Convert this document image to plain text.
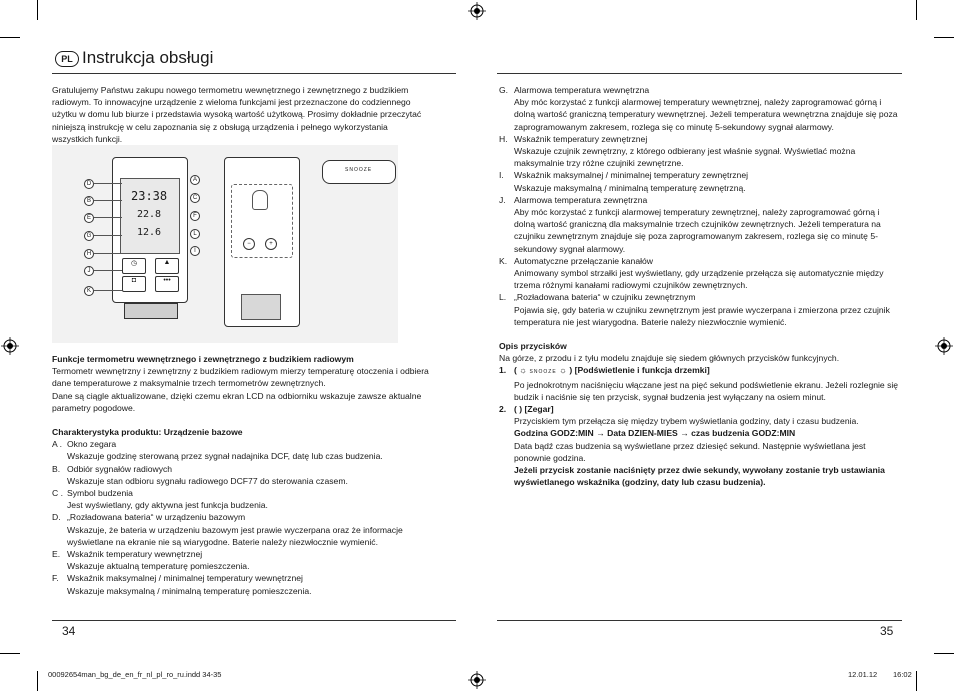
PL Instrukcja obsługi

Gratulujemy Państwu zakupu nowego termometru wewnętrznego i zewnętrznego z budzikiem radiowym. To innowacyjne urządzenie z wieloma funkcjami jest przeznaczone do codziennego użytku w domu lub biurze i przedstawia wysoką wartość użytkową. Prosimy dokładnie przeczytać niniejszą instrukcję w celu zapoznania się z obsługą urządzenia i pełnego wykorzystania wszystkich funkcji.

23:38
22.8
12.6
◷	▲
◘	•••
D
B
E
G
H
J
K
A
C
F
L
I
−	+
SNOOZE

Funkcje termometru wewnętrznego i zewnętrznego z budzikiem radiowym

Termometr wewnętrzny i zewnętrzny z budzikiem radiowym mierzy temperaturę otoczenia i odbiera dane temperaturowe z maksymalnie trzech termometrów zewnętrznych.

Dane są ciągle aktualizowane, dzięki czemu ekran LCD na odbiorniku wskazuje zawsze aktualne parametry pogodowe.

Charakterystyka produktu: Urządzenie bazowe

A . Okno zegara

Wskazuje godzinę sterowaną przez sygnał nadajnika DCF, datę lub czas budzenia.

B. Odbiór sygnałów radiowych

Wskazuje stan odbioru sygnału radiowego DCF77 do sterowania czasem.

C . Symbol budzenia

Jest wyświetlany, gdy aktywna jest funkcja budzenia.

D. „Rozładowana bateria“ w urządzeniu bazowym

Wskazuje, że bateria w urządzeniu bazowym jest prawie wyczerpana oraz że informacje wyświetlane na ekranie nie są wiarygodne. Baterie należy niezwłocznie wymienić.

E. Wskaźnik temperatury wewnętrznej

Wskazuje aktualną temperaturę pomieszczenia.

F. Wskaźnik maksymalnej / minimalnej temperatury wewnętrznej

Wskazuje maksymalną / minimalną temperaturę pomieszczenia.

G. Alarmowa temperatura wewnętrzna

Aby móc korzystać z funkcji alarmowej temperatury wewnętrznej, należy zaprogramować górną i dolną wartość graniczną temperatury wewnętrznej. Jeżeli temperatura wewnętrzna znajduje się poza zaprogramowanym zakresem, rozlega się co minutę 5-sekundowy sygnał alarmowy.

H. Wskaźnik temperatury zewnętrznej

Wskazuje czujnik zewnętrzny, z którego odbierany jest właśnie sygnał. Wyświetlać można maksymalnie trzy różne czujniki zewnętrzne.

I. Wskaźnik maksymalnej / minimalnej temperatury zewnętrznej

Wskazuje maksymalną / minimalną temperaturę zewnętrzną.

J. Alarmowa temperatura zewnętrzna

Aby móc korzystać z funkcji alarmowej temperatury zewnętrznej, należy zaprogramować górną i dolną wartość graniczną dla maksymalnie trzech czujników zewnętrznych. Jeżeli temperatura na czujniku zewnętrznym znajduje się poza zaprogramowanym zakresem, rozlega się co minutę 5-sekundowy sygnał alarmowy.

K. Automatyczne przełączanie kanałów

Animowany symbol strzałki jest wyświetlany, gdy urządzenie przełącza się automatycznie między trzema różnymi kanałami radiowymi czujników zewnętrznych.

L. „Rozładowana bateria“ w czujniku zewnętrznym

Pojawia się, gdy bateria w czujniku zewnętrznym jest prawie wyczerpana i zmierzona przez czujnik temperatura nie jest wiarygodna. Baterie należy niezwłocznie wymienić.

Opis przycisków

Na górze, z przodu i z tyłu modelu znajduje się siedem głównych przycisków funkcyjnych.

1. ( ☼ SNOOZE ☼ ) [Podświetlenie i funkcja drzemki]

Po jednokrotnym naciśnięciu włączane jest na pięć sekund podświetlenie ekranu. Jeżeli rozlegnie się budzik i naciśnie się ten przycisk, sygnał budzenia jest wyłączany na osiem minut.

2. ( ) [Zegar]

Przyciskiem tym przełącza się między trybem wyświetlania godziny, daty i czasu budzenia.

Godzina GODZ:MIN → Data DZIEN-MIES → czas budzenia GODZ:MIN

Data bądź czas budzenia są wyświetlane przez dziesięć sekund. Następnie wyświetlana jest ponownie godzina.

Jeżeli przycisk zostanie naciśnięty przez dwie sekundy, wywołany zostanie tryb ustawiania wyświetlanego wskaźnika (godziny, daty lub czasu budzenia).

34	35
00092654man_bg_de_en_fr_nl_pl_ro_ru.indd 34-35	12.01.12 16:02
